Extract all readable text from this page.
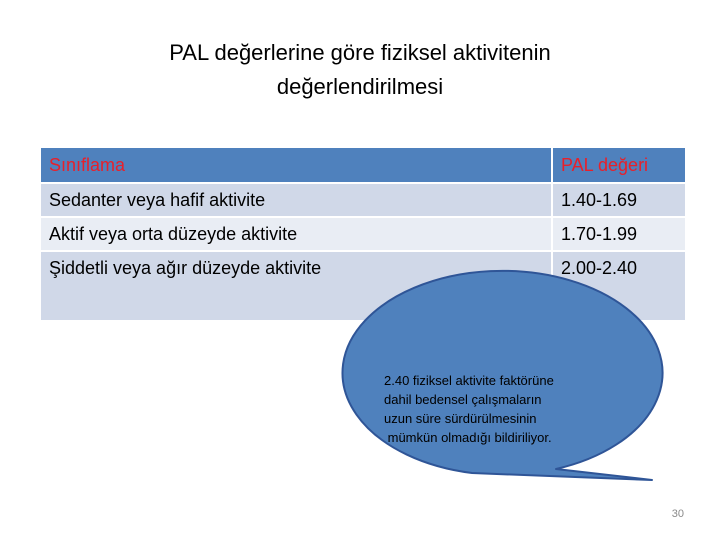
PAL değerlerine göre fiziksel aktivitenin
değerlendirilmesi
Sınıflama	PAL değeri
Sedanter veya hafif aktivite	1.40-1.69
Aktif veya orta düzeyde aktivite	1.70-1.99
Şiddetli veya ağır düzeyde aktivite	2.00-2.40
2.40 fiziksel aktivite faktörüne
dahil bedensel çalışmaların
uzun süre sürdürülmesinin
mümkün olmadığı bildiriliyor.
30
